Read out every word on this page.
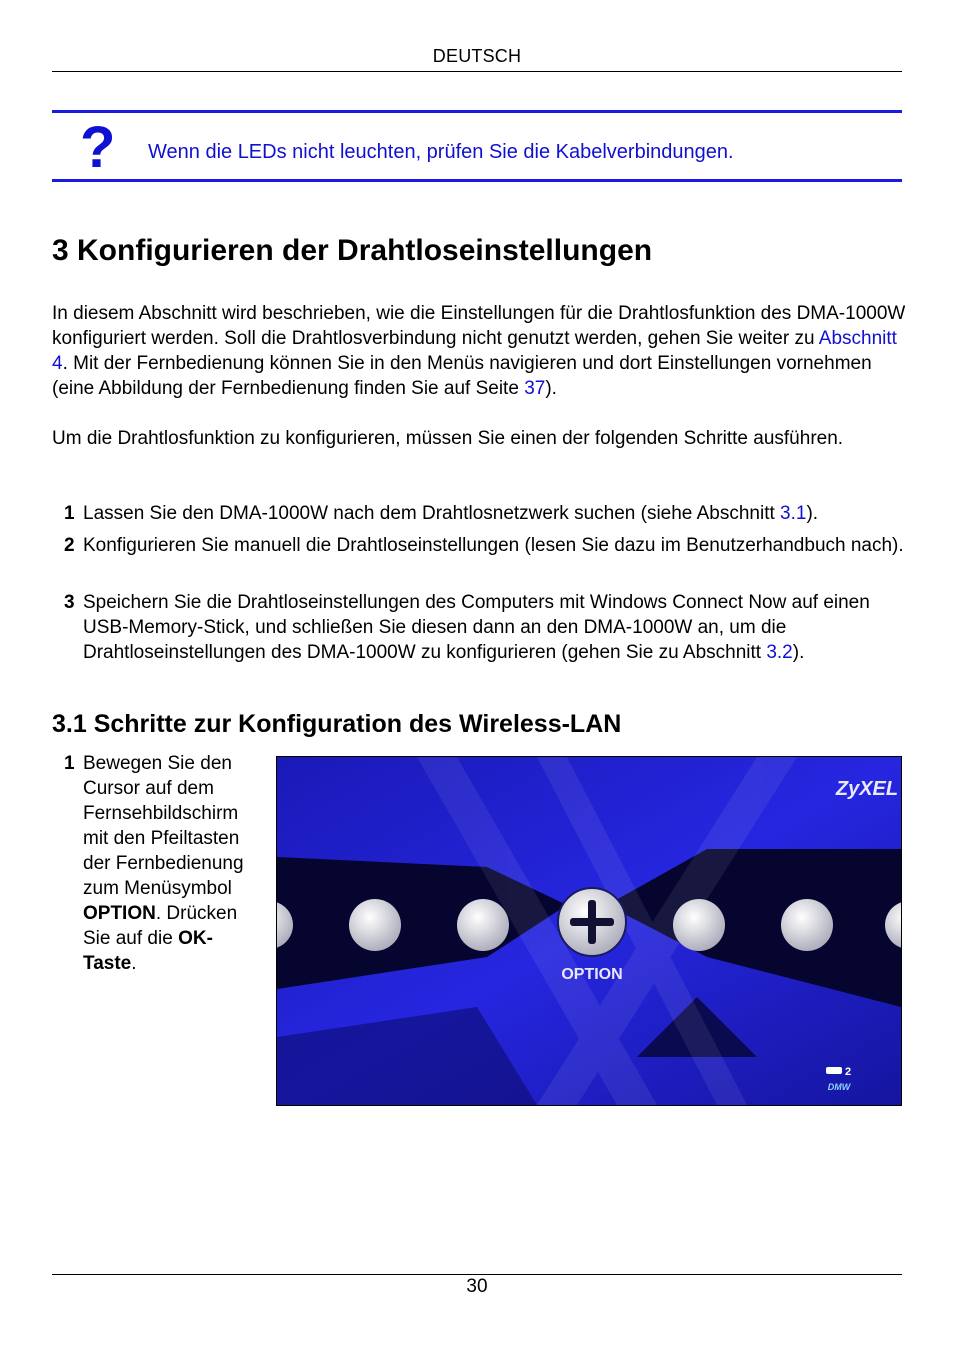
DEUTSCH
? Wenn die LEDs nicht leuchten, prüfen Sie die Kabelverbindungen.
3 Konfigurieren der Drahtloseinstellungen

In diesem Abschnitt wird beschrieben, wie die Einstellungen für die Drahtlosfunktion des DMA-1000W konfiguriert werden. Soll die Drahtlosverbindung nicht genutzt werden, gehen Sie weiter zu Abschnitt 4. Mit der Fernbedienung können Sie in den Menüs navigieren und dort Einstellungen vornehmen (eine Abbildung der Fernbedienung finden Sie auf Seite 37).

Um die Drahtlosfunktion zu konfigurieren, müssen Sie einen der folgenden Schritte ausführen.

1 Lassen Sie den DMA-1000W nach dem Drahtlosnetzwerk suchen (siehe Abschnitt 3.1).
2 Konfigurieren Sie manuell die Drahtloseinstellungen (lesen Sie dazu im Benutzerhandbuch nach).
3 Speichern Sie die Drahtloseinstellungen des Computers mit Windows Connect Now auf einen USB-Memory-Stick, und schließen Sie diesen dann an den DMA-1000W an, um die Drahtloseinstellungen des DMA-1000W zu konfigurieren (gehen Sie zu Abschnitt 3.2).
3.1 Schritte zur Konfiguration des Wireless-LAN
1 Bewegen Sie den Cursor auf dem Fernsehbildschirm mit den Pfeiltasten der Fernbedienung zum Menüsymbol OPTION. Drücken Sie auf die OK-Taste.
OPTION
ZyXEL
2
DMW
30
